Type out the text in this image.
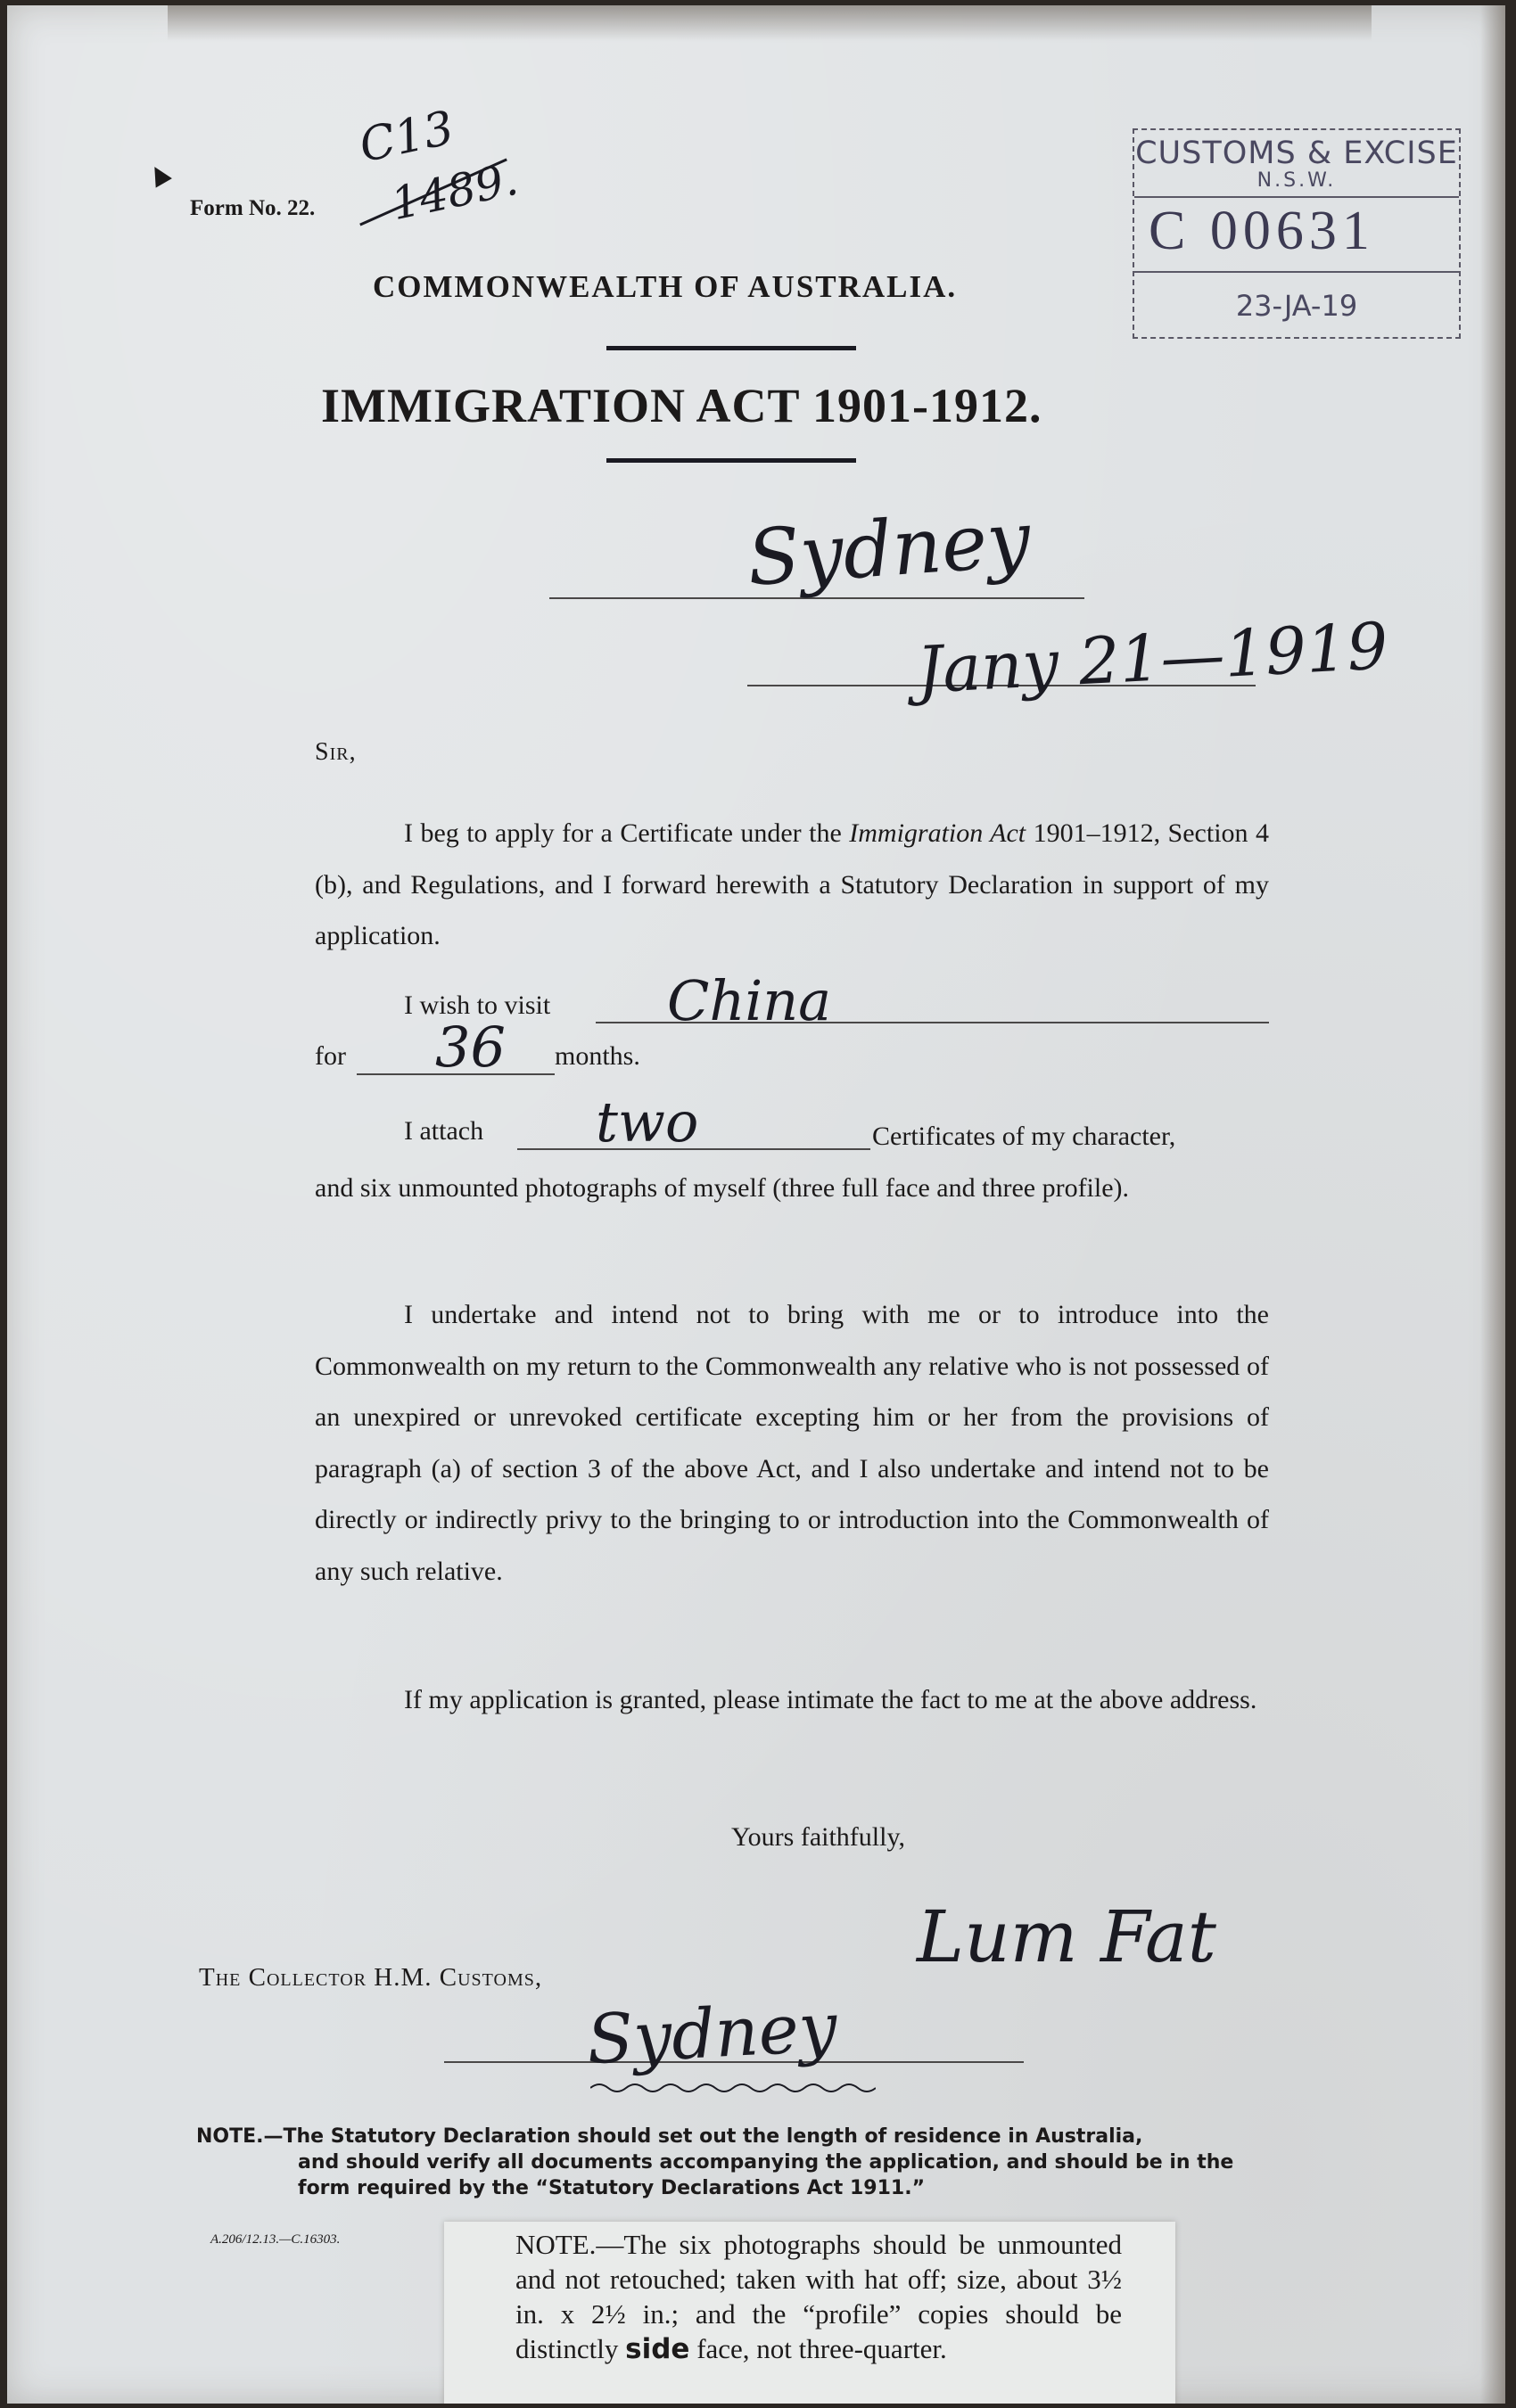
▲
Form No. 22.
C13
1489.
COMMONWEALTH OF AUSTRALIA.
IMMIGRATION ACT 1901-1912.
CUSTOMS & EXCISE
N.S.W.
C 00631
23-JA-19
Sydney
Jany 21—1919
Sir,
I beg to apply for a Certificate under the Immigration Act 1901–1912, Section 4 (b), and Regulations, and I forward herewith a Statutory Declaration in support of my application.
I wish to visit China
for 36 months.
I attach two	Certificates of my character,
and six unmounted photographs of myself (three full face and three profile).
I undertake and intend not to bring with me or to introduce into the Commonwealth on my return to the Commonwealth any relative who is not possessed of an unexpired or unrevoked certificate excepting him or her from the provisions of paragraph (a) of section 3 of the above Act, and I also undertake and intend not to be directly or indirectly privy to the bringing to or introduction into the Commonwealth of any such relative.
If my application is granted, please intimate the fact to me at the above address.
Yours faithfully,
Lum Fat
The Collector H.M. Customs,
Sydney
NOTE.—The Statutory Declaration should set out the length of residence in Australia,
and should verify all documents accompanying the application, and should be in the form required by the “Statutory Declarations Act 1911.”
A.206/12.13.—C.16303.	NOTE.—The six photographs should be unmounted and not retouched; taken with hat off; size, about 3½ in. x 2½ in.; and the “profile” copies should be distinctly side face, not three-quarter.
